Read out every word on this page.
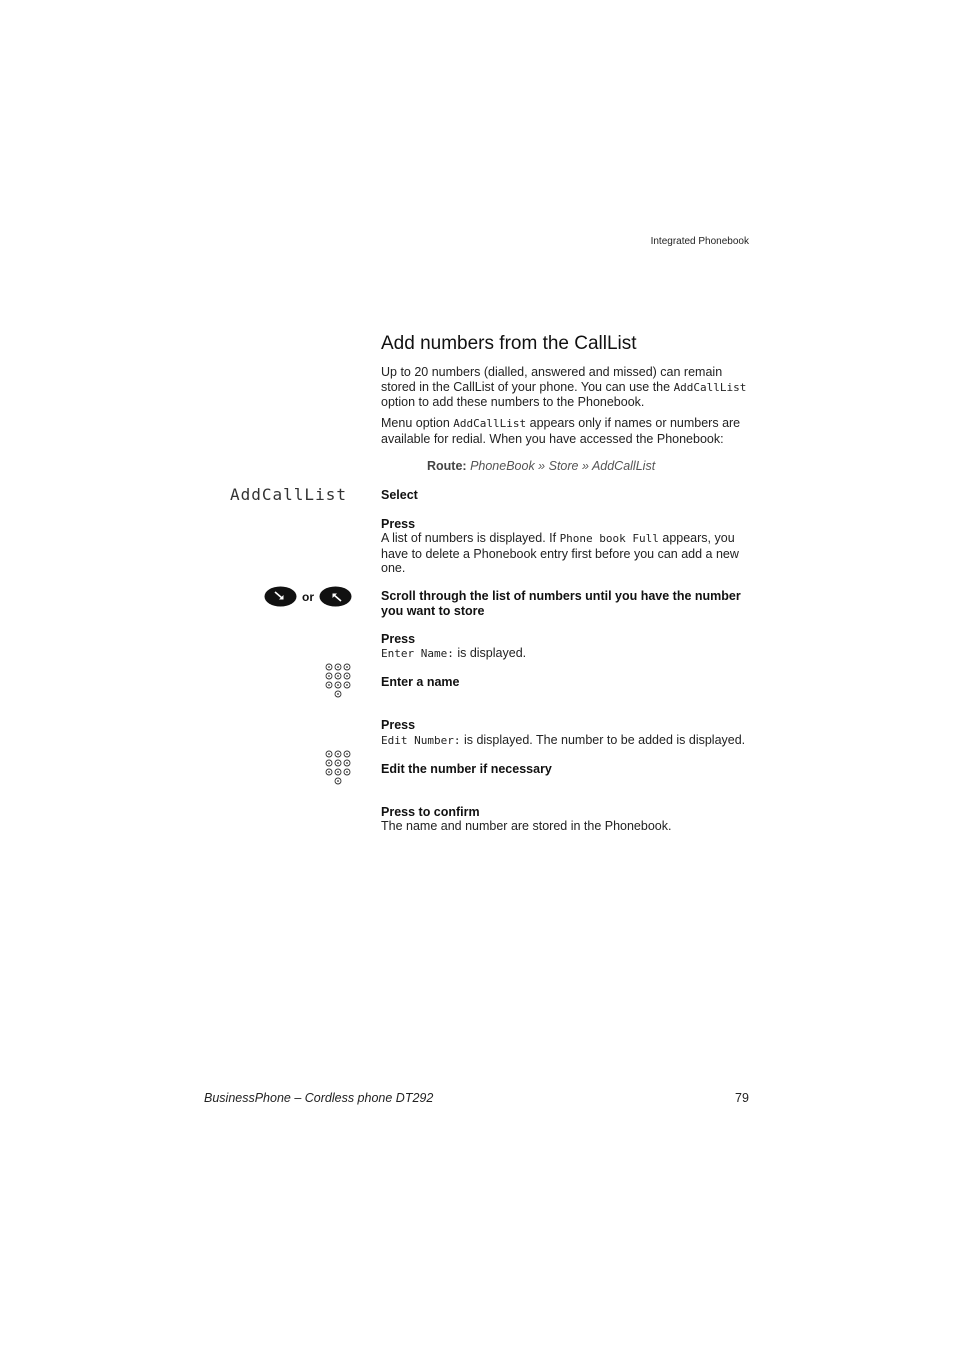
Integrated Phonebook
Add numbers from the CallList
Up to 20 numbers (dialled, answered and missed) can remain stored in the CallList of your phone. You can use the AddCallList option to add these numbers to the Phonebook.
Menu option AddCallList appears only if names or numbers are available for redial. When you have accessed the Phonebook:
Route: PhoneBook » Store » AddCallList
AddCallList	Select
Press
A list of numbers is displayed. If Phone book Full appears, you have to delete a Phonebook entry first before you can add a new one.
or	Scroll through the list of numbers until you have the number you want to store
Press
Enter Name: is displayed.
Enter a name
Press
Edit Number: is displayed. The number to be added is displayed.
Edit the number if necessary
Press to confirm
The name and number are stored in the Phonebook.
BusinessPhone – Cordless phone DT292	79
